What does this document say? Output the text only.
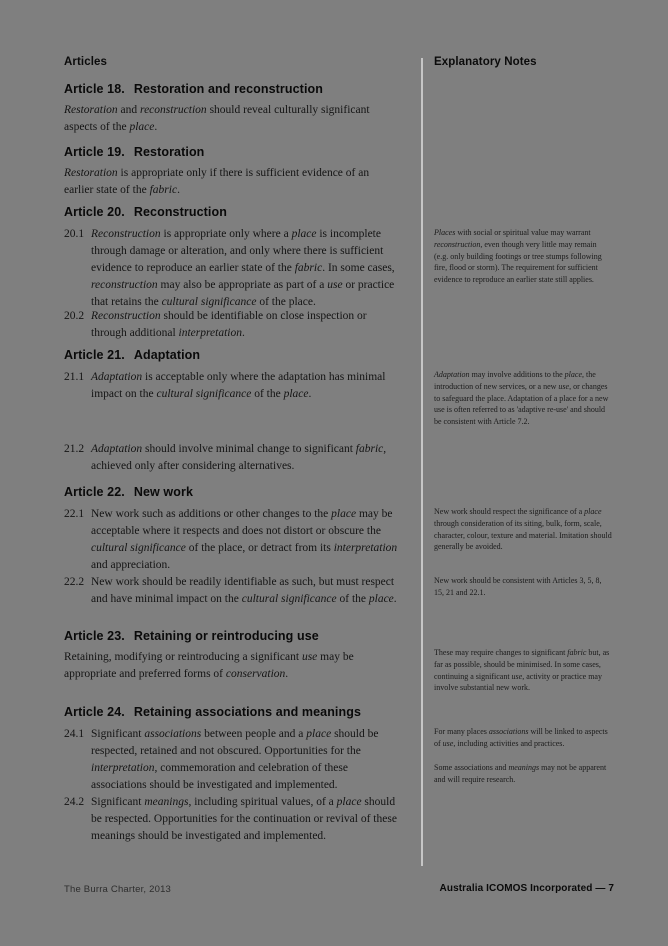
Articles	Explanatory Notes
Article 18. Restoration and reconstruction
Restoration and reconstruction should reveal culturally significant aspects of the place.
Article 19. Restoration
Restoration is appropriate only if there is sufficient evidence of an earlier state of the fabric.
Article 20. Reconstruction
20.1 Reconstruction is appropriate only where a place is incomplete through damage or alteration, and only where there is sufficient evidence to reproduce an earlier state of the fabric. In some cases, reconstruction may also be appropriate as part of a use or practice that retains the cultural significance of the place.
20.2 Reconstruction should be identifiable on close inspection or through additional interpretation.
Article 21. Adaptation
21.1 Adaptation is acceptable only where the adaptation has minimal impact on the cultural significance of the place.
21.2 Adaptation should involve minimal change to significant fabric, achieved only after considering alternatives.
Article 22. New work
22.1 New work such as additions or other changes to the place may be acceptable where it respects and does not distort or obscure the cultural significance of the place, or detract from its interpretation and appreciation.
22.2 New work should be readily identifiable as such, but must respect and have minimal impact on the cultural significance of the place.
Article 23. Retaining or reintroducing use
Retaining, modifying or reintroducing a significant use may be appropriate and preferred forms of conservation.
Article 24. Retaining associations and meanings
24.1 Significant associations between people and a place should be respected, retained and not obscured. Opportunities for the interpretation, commemoration and celebration of these associations should be investigated and implemented.
24.2 Significant meanings, including spiritual values, of a place should be respected. Opportunities for the continuation or revival of these meanings should be investigated and implemented.
Places with social or spiritual value may warrant reconstruction, even though very little may remain (e.g. only building footings or tree stumps following fire, flood or storm). The requirement for sufficient evidence to reproduce an earlier state still applies.
Adaptation may involve additions to the place, the introduction of new services, or a new use, or changes to safeguard the place. Adaptation of a place for a new use is often referred to as 'adaptive re-use' and should be consistent with Article 7.2.
New work should respect the significance of a place through consideration of its siting, bulk, form, scale, character, colour, texture and material. Imitation should generally be avoided.
New work should be consistent with Articles 3, 5, 8, 15, 21 and 22.1.
These may require changes to significant fabric but, as far as possible, should be minimised. In some cases, continuing a significant use, activity or practice may involve substantial new work.
For many places associations will be linked to aspects of use, including activities and practices.
Some associations and meanings may not be apparent and will require research.
The Burra Charter, 2013	Australia ICOMOS Incorporated — 7
